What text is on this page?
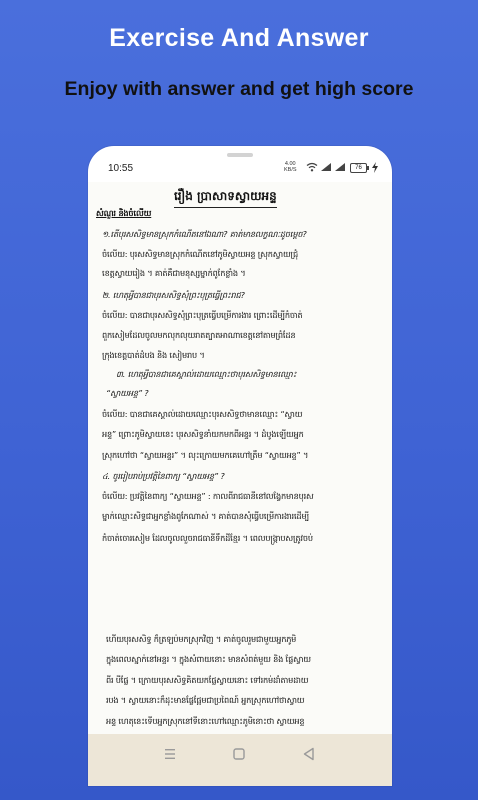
Exercise And Answer
Enjoy with answer and get high score
10:55	4.00
KB/S	76
រឿង ប្រាសាទស្វាយអន្ទ
សំណួរ និងចំលើយ
១.តើបុរសសិទ្ធមានស្រុកកំណើតនៅឯណា? គាត់មានលក្ខណៈដូចម្ដេច?
ចំលើយ: បុរសសិទ្ធមានស្រុកកំណើតនៅភូមិស្វាយអន្ទ ស្រុកស្វាយជ្រុំ
ខេត្តស្វាយរៀង ។ គាត់គឺជាមនុស្សម្នាក់ពូកែខ្លាំង ។
២. ហេតុអ្វីបានជាបុរសសិទ្ធសុំព្រះបុត្រធ្វើព្រះរាជ?
ចំលើយ: បានជាបុរសសិទ្ធសុំព្រះបុត្រធ្វើបម្រើការងារ ព្រោះដើម្បីកំចាត់
ពួកសៀមដែលចូលមកលុកលុយរាតត្បាតអាណាខេត្តនៅតាមព្រំដែន
ក្រុងខេត្តបាត់ដំបង និង សៀមរាប ។
៣. ហេតុអ្វីបានជាគេស្គាល់ដោយឈ្មោះថាបុរសសិទ្ធមានឈ្មោះ
“ស្វាយអន្ទ” ?
ចំលើយ: បានជាគេស្គាល់ដោយឈ្មោះបុរសសិទ្ធថាមានឈ្មោះ “ស្វាយ
អន្ទ” ព្រោះភូមិស្វាយនេះ បុរសសិទ្ធនាំយកមកពីអន្ទរ ។ ដំបូងឡើយអ្នក
ស្រុកហៅថា “ស្វាយអន្ទរ” ។ លុះក្រោយមកគេហៅត្រឹម “ស្វាយអន្ទ” ។
៤. ចូររៀបរាប់ប្រវត្តិនៃពាក្យ “ស្វាយអន្ទ” ?
ចំលើយ: ប្រវត្តិនៃពាក្យ “ស្វាយអន្ទ” : កាលពីរាជធានីនៅលង្វែកមានបុរស
ម្នាក់ឈ្មោះសិទ្ធជាអ្នកខ្លាំងពូកែណាស់ ។ គាត់បានសុំធ្វើបម្រើការងារដើម្បី
កំចាត់ចោរសៀម ដែលចូលលួចរាជធានីទឹកដីខ្មែរ ។ ពេលបង្ក្រាបសត្រូវចប់
ហើយបុរសសិទ្ធ ក៏ត្រឡប់មកស្រុកវិញ ។ គាត់ចូលរួមជាមួយអ្នកភូមិ
ក្នុងពេលស្នាក់នៅអន្ទរ ។ ក្នុងសំពាយនោះ មានសំពត់មួយ និង ផ្លែស្វាយ
ពីរ បីផ្លែ ។ ក្រោយបុរសសិទ្ធគិតយកផ្លែស្វាយនោះ ទៅរកម់ដាំតាមដាយ
របង ។ ស្វាយនោះក៏ដុះមានផ្លែផ្អែមជាប្រពៃណ៍ អ្នកស្រុកហៅថាស្វាយ
អន្ទ ហេតុនេះទើបអ្នកស្រុកនៅទីនោះហៅឈ្មោះភូមិនោះថា ស្វាយអន្ទ
